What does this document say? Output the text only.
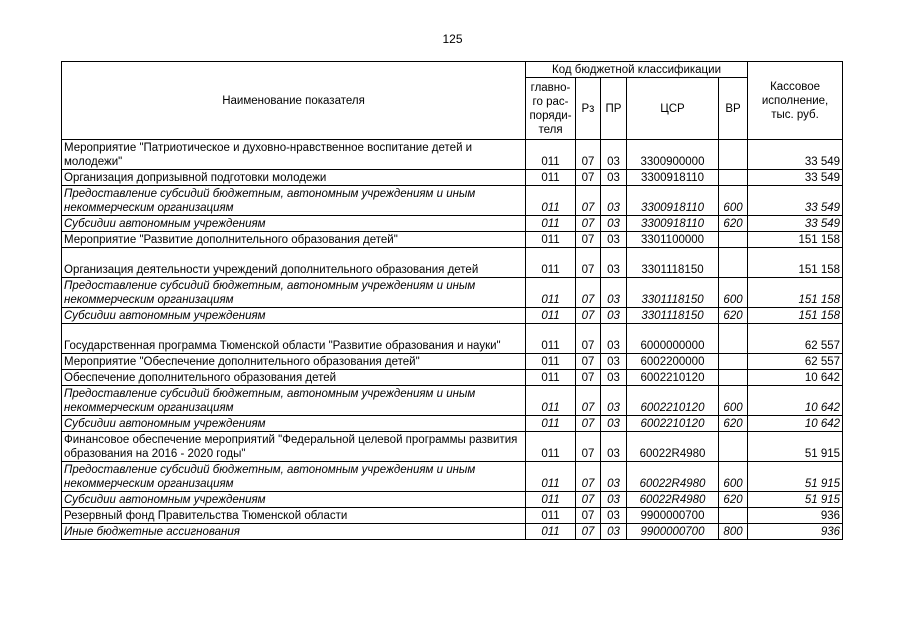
125
Наименование показателя	Код бюджетной классификации					Кассовое исполнение, тыс. руб.
	главно-
го рас-
поряди-
теля	Рз	ПР	ЦСР	ВР	
Мероприятие "Патриотическое и духовно-нравственное воспитание детей и молодежи"	011	07	03	3300900000		33 549
Организация допризывной подготовки молодежи	011	07	03	3300918110		33 549
Предоставление субсидий бюджетным, автономным учреждениям и иным некоммерческим организациям	011	07	03	3300918110	600	33 549
Субсидии автономным учреждениям	011	07	03	3300918110	620	33 549
Мероприятие "Развитие дополнительного образования детей"	011	07	03	3301100000		151 158
Организация деятельности учреждений дополнительного образования детей	011	07	03	3301118150		151 158
Предоставление субсидий бюджетным, автономным учреждениям и иным некоммерческим организациям	011	07	03	3301118150	600	151 158
Субсидии автономным учреждениям	011	07	03	3301118150	620	151 158
Государственная программа Тюменской области "Развитие образования и науки"	011	07	03	6000000000		62 557
Мероприятие "Обеспечение дополнительного образования детей"	011	07	03	6002200000		62 557
Обеспечение дополнительного образования детей	011	07	03	6002210120		10 642
Предоставление субсидий бюджетным, автономным учреждениям и иным некоммерческим организациям	011	07	03	6002210120	600	10 642
Субсидии автономным учреждениям	011	07	03	6002210120	620	10 642
Финансовое обеспечение мероприятий "Федеральной целевой программы развития образования на 2016 - 2020 годы"	011	07	03	60022R4980		51 915
Предоставление субсидий бюджетным, автономным учреждениям и иным некоммерческим организациям	011	07	03	60022R4980	600	51 915
Субсидии автономным учреждениям	011	07	03	60022R4980	620	51 915
Резервный фонд Правительства Тюменской области	011	07	03	9900000700		936
Иные бюджетные ассигнования	011	07	03	9900000700	800	936
